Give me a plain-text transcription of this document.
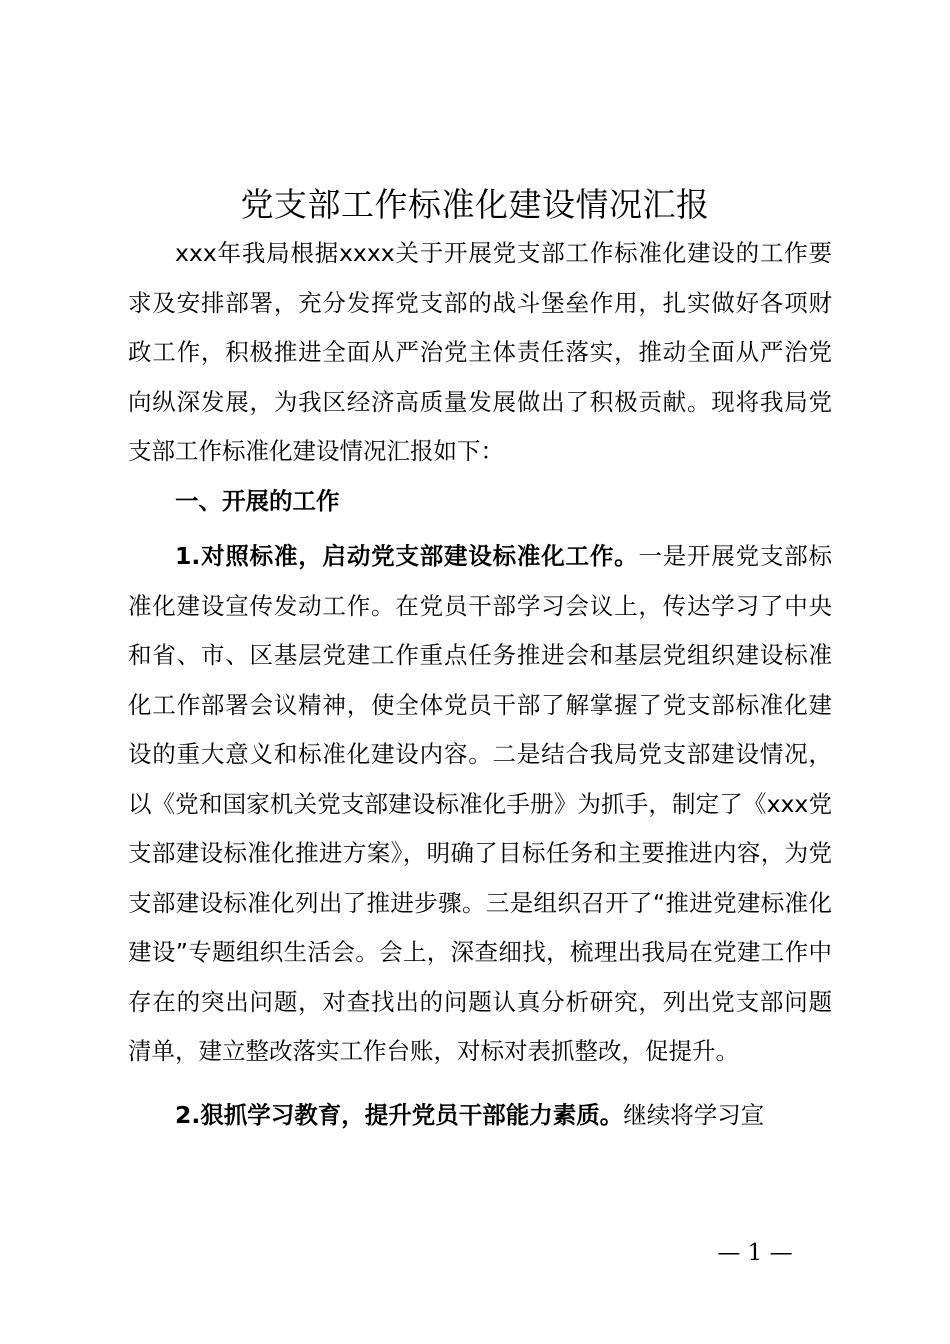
党支部工作标准化建设情况汇报

xxx年我局根据xxxx关于开展党支部工作标准化建设的工作要求及安排部署，充分发挥党支部的战斗堡垒作用，扎实做好各项财政工作，积极推进全面从严治党主体责任落实，推动全面从严治党向纵深发展，为我区经济高质量发展做出了积极贡献。现将我局党支部工作标准化建设情况汇报如下：

一、开展的工作

1.对照标准，启动党支部建设标准化工作。一是开展党支部标准化建设宣传发动工作。在党员干部学习会议上，传达学习了中央和省、市、区基层党建工作重点任务推进会和基层党组织建设标准化工作部署会议精神，使全体党员干部了解掌握了党支部标准化建设的重大意义和标准化建设内容。二是结合我局党支部建设情况，以《党和国家机关党支部建设标准化手册》为抓手，制定了《xxx党支部建设标准化推进方案》，明确了目标任务和主要推进内容，为党支部建设标准化列出了推进步骤。三是组织召开了“推进党建标准化建设”专题组织生活会。会上，深查细找，梳理出我局在党建工作中存在的突出问题，对查找出的问题认真分析研究，列出党支部问题清单，建立整改落实工作台账，对标对表抓整改，促提升。

2.狠抓学习教育，提升党员干部能力素质。继续将学习宣

— 1 —
